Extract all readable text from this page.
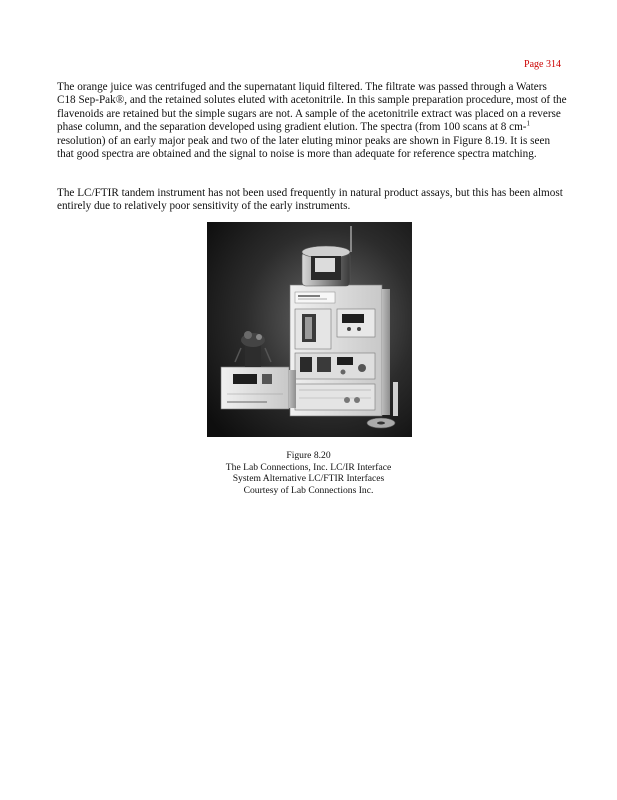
Page 314

The orange juice was centrifuged and the supernatant liquid filtered. The filtrate was passed through a Waters C18 Sep-Pak®, and the retained solutes eluted with acetonitrile. In this sample preparation procedure, most of the flavenoids are retained but the simple sugars are not. A sample of the acetonitrile extract was placed on a reverse phase column, and the separation developed using gradient elution. The spectra (from 100 scans at 8 cm-$^1$ resolution) of an early major peak and two of the later eluting minor peaks are shown in Figure 8.19. It is seen that good spectra are obtained and the signal to noise is more than adequate for reference spectra matching.

The LC/FTIR tandem instrument has not been used frequently in natural product assays, but this has been almost entirely due to relatively poor sensitivity of the early instruments.

Figure 8.20
The Lab Connections, Inc. LC/IR Interface
System Alternative LC/FTIR Interfaces
Courtesy of Lab Connections Inc.
